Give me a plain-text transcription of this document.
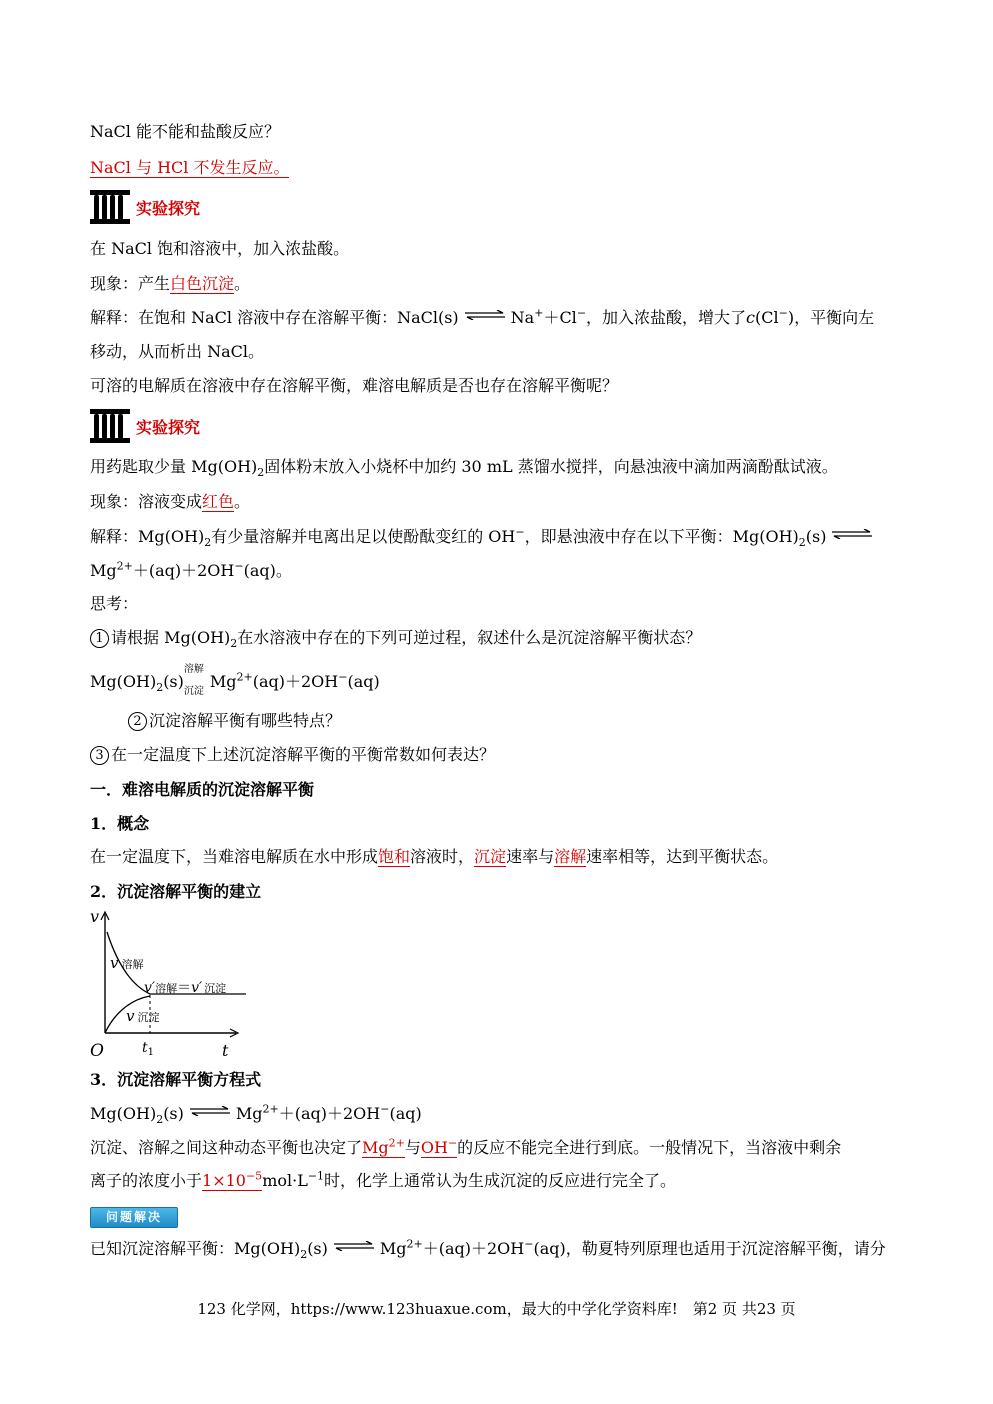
NaCl 能不能和盐酸反应？
NaCl 与 HCl 不发生反应。
实验探究
在 NaCl 饱和溶液中，加入浓盐酸。
现象：产生白色沉淀。
解释：在饱和 NaCl 溶液中存在溶解平衡：NaCl(s) ⇌ Na+＋Cl−，加入浓盐酸，增大了c(Cl−)，平衡向左
移动，从而析出 NaCl。
可溶的电解质在溶液中存在溶解平衡，难溶电解质是否也存在溶解平衡呢？
实验探究
用药匙取少量 $Mg(OH)_2$固体粉末放入小烧杯中加约 30 mL 蒸馏水搅拌，向悬浊液中滴加两滴酚酞试液。
现象：溶液变成红色。
解释：$Mg(OH)_2$有少量溶解并电离出足以使酚酞变红的 OH−，即悬浊液中存在以下平衡：$Mg(OH)_2(s)$ ⇌
$Mg^{2+}+(aq)+2OH^-(aq)$。
思考：
1 请根据 $Mg(OH)_2$在水溶液中存在的下列可逆过程，叙述什么是沉淀溶解平衡状态？
$Mg(OH)_2(s)$
溶解
沉淀
$Mg^{2+}(aq)+2OH^-(aq)$
2 沉淀溶解平衡有哪些特点？
3 在一定温度下上述沉淀溶解平衡的平衡常数如何表达？
一．难溶电解质的沉淀溶解平衡
1．概念
在一定温度下，当难溶电解质在水中形成饱和溶液时，沉淀速率与溶解速率相等，达到平衡状态。
2．沉淀溶解平衡的建立
v
O	t
$t_1$
v 溶解
v′溶解＝v′ 沉淀
v 沉淀
3．沉淀溶解平衡方程式
$Mg(OH)_2(s)$ ⇌ $Mg^{2+}+(aq)+2OH^-(aq)$
沉淀、溶解之间这种动态平衡也决定了$Mg^{2+}$与OH−的反应不能完全进行到底。一般情况下，当溶液中剩余
离子的浓度小于$1\times 10^{-5}mol\cdot L^{-1}$时，化学上通常认为生成沉淀的反应进行完全了。
问题解决
已知沉淀溶解平衡：$Mg(OH)_2(s)$ ⇌ $Mg^{2+}+(aq)+2OH^-(aq)$，勒夏特列原理也适用于沉淀溶解平衡，请分
123 化学网，https://www.123huaxue.com，最大的中学化学资料库!　第2 页 共23 页
